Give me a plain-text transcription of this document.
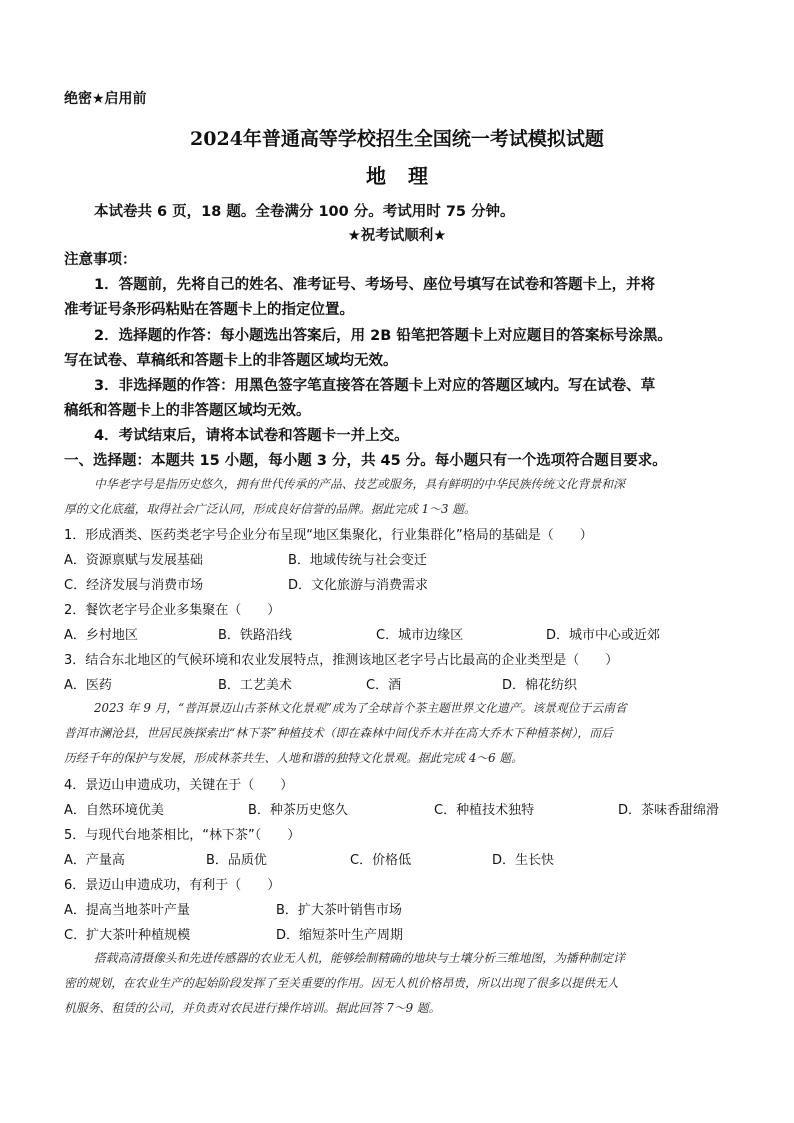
绝密★启用前
2024年普通高等学校招生全国统一考试模拟试题
地理
本试卷共 6 页，18 题。全卷满分 100 分。考试用时 75 分钟。
★祝考试顺利★
注意事项：
1．答题前，先将自己的姓名、准考证号、考场号、座位号填写在试卷和答题卡上，并将
准考证号条形码粘贴在答题卡上的指定位置。
2．选择题的作答：每小题选出答案后，用 2B 铅笔把答题卡上对应题目的答案标号涂黑。
写在试卷、草稿纸和答题卡上的非答题区域均无效。
3．非选择题的作答：用黑色签字笔直接答在答题卡上对应的答题区域内。写在试卷、草
稿纸和答题卡上的非答题区域均无效。
4．考试结束后，请将本试卷和答题卡一并上交。
一、选择题：本题共 15 小题，每小题 3 分，共 45 分。每小题只有一个选项符合题目要求。
中华老字号是指历史悠久，拥有世代传承的产品、技艺或服务，具有鲜明的中华民族传统文化背景和深
厚的文化底蕴，取得社会广泛认同，形成良好信誉的品牌。据此完成 1～3 题。
1．形成酒类、医药类老字号企业分布呈现“地区集聚化，行业集群化”格局的基础是（　　）
A．资源禀赋与发展基础	B．地域传统与社会变迁
C．经济发展与消费市场	D．文化旅游与消费需求
2．餐饮老字号企业多集聚在（　　）
A．乡村地区	B．铁路沿线	C．城市边缘区	D．城市中心或近郊
3．结合东北地区的气候环境和农业发展特点，推测该地区老字号占比最高的企业类型是（　　）
A．医药	B．工艺美术	C．酒	D．棉花纺织
2023 年 9 月，“普洱景迈山古茶林文化景观”成为了全球首个茶主题世界文化遗产。该景观位于云南省
普洱市澜沧县，世居民族探索出“林下茶”种植技术（即在森林中间伐乔木并在高大乔木下种植茶树），而后
历经千年的保护与发展，形成林茶共生、人地和谐的独特文化景观。据此完成 4～6 题。
4．景迈山申遗成功，关键在于（　　）
A．自然环境优美	B．种茶历史悠久	C．种植技术独特	D．茶味香甜绵滑
5．与现代台地茶相比，“林下茶”（　　）
A．产量高	B．品质优	C．价格低	D．生长快
6．景迈山申遗成功，有利于（　　）
A．提高当地茶叶产量	B．扩大茶叶销售市场
C．扩大茶叶种植规模	D．缩短茶叶生产周期
搭载高清摄像头和先进传感器的农业无人机，能够绘制精确的地块与土壤分析三维地图，为播种制定详
密的规划，在农业生产的起始阶段发挥了至关重要的作用。因无人机价格昂贵，所以出现了很多以提供无人
机服务、租赁的公司，并负责对农民进行操作培训。据此回答 7～9 题。
